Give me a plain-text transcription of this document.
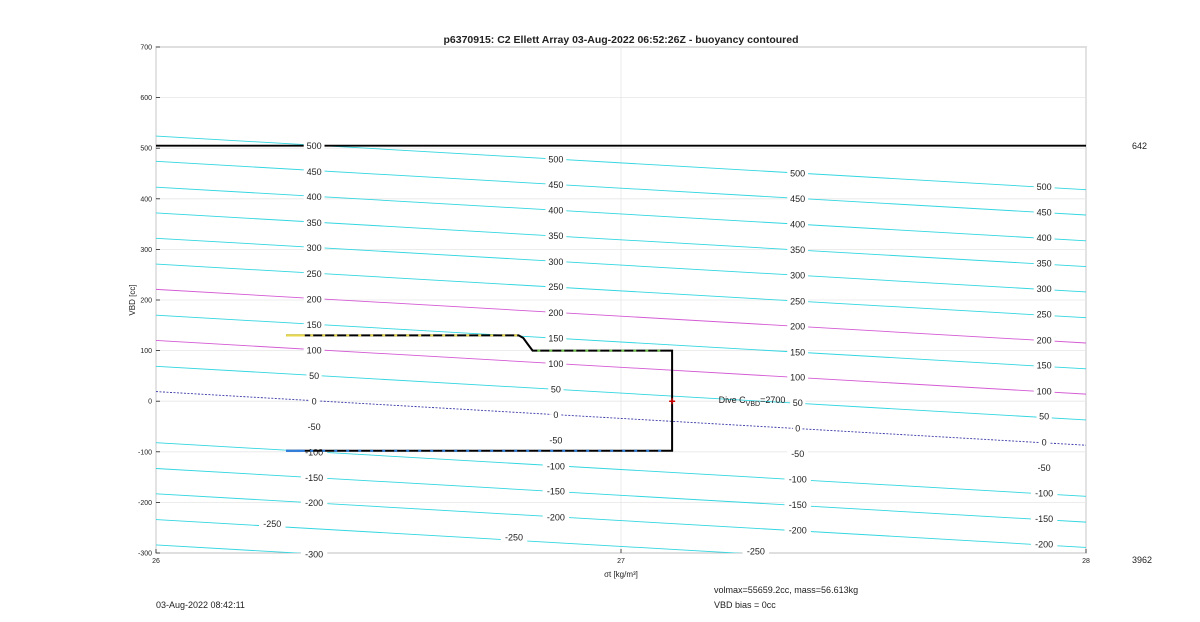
500
450
400
350
300
250
200
150
100
50
0
-50
-100
-150
-200
-300
-250
500
450
400
350
300
250
200
150
100
50
0
-50
-100
-150
-200
-250
500
450
400
350
300
250
200
150
100
50
0
-50
-100
-150
-200
-250
500
450
400
350
300
250
200
150
100
50
0
-50
-100
-150
-200
-300
-200
-100
0
100
200
300
400
500
600
700
26	27	28
p6370915: C2 Ellett Array 03-Aug-2022 06:52:26Z - buoyancy contoured
VBD [cc]
σt [kg/m³]
642
3962
Dive $C_{VBD}=2700$
03-Aug-2022 08:42:11
volmax=55659.2cc, mass=56.613kg
VBD bias = 0cc
